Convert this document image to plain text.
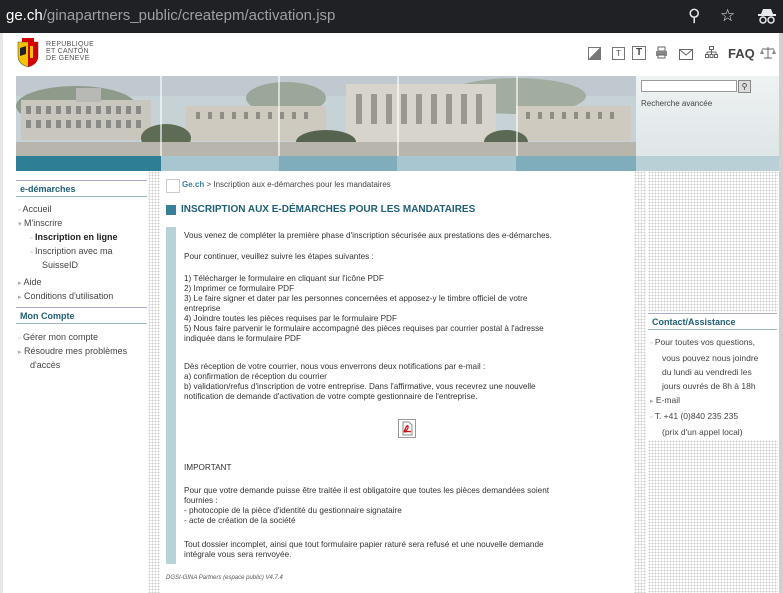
ge.ch/ginapartners_public/createpm/activation.jsp	⚲ ☆
REPUBLIQUE
ET CANTON
DE GENEVE
T	T	FAQ
⚲
Recherche avancée
e-démarches
▫ Accueil
▾ M'inscrire
▫ Inscription en ligne
▫ Inscription avec ma
SuisseID
▸ Aide
▸ Conditions d'utilisation
Mon Compte
▫ Gérer mon compte
▸ Résoudre mes problèmes
d'accès
Ge.ch > Inscription aux e-démarches pour les mandataires
INSCRIPTION AUX E-DÉMARCHES POUR LES MANDATAIRES
Vous venez de compléter la première phase d'inscription sécurisée aux prestations des e-démarches.
Pour continuer, veuillez suivre les étapes suivantes :
1) Télécharger le formulaire en cliquant sur l'icône PDF
2) Imprimer ce formulaire PDF
3) Le faire signer et dater par les personnes concernées et apposez-y le timbre officiel de votre
entreprise
4) Joindre toutes les pièces requises par le formulaire PDF
5) Nous faire parvenir le formulaire accompagné des pièces requises par courrier postal à l'adresse
indiquée dans le formulaire PDF
Dès réception de votre courrier, nous vous enverrons deux notifications par e-mail :
a) confirmation de réception du courrier
b) validation/refus d'inscription de votre entreprise. Dans l'affirmative, vous recevrez une nouvelle
notification de demande d'activation de votre compte gestionnaire de l'entreprise.
IMPORTANT
Pour que votre demande puisse être traitée il est obligatoire que toutes les pièces demandées soient
fournies :
- photocopie de la pièce d'identité du gestionnaire signataire
- acte de création de la société
Tout dossier incomplet, ainsi que tout formulaire papier raturé sera refusé et une nouvelle demande
intégrale vous sera renvoyée.
DGSI-GINA Partners (espace public) V4.7.4
Contact/Assistance
▫ Pour toutes vos questions,
vous pouvez nous joindre
du lundi au vendredi les
jours ouvrés de 8h à 18h
▸ E-mail
▫ T. +41 (0)840 235 235
(prix d'un appel local)
